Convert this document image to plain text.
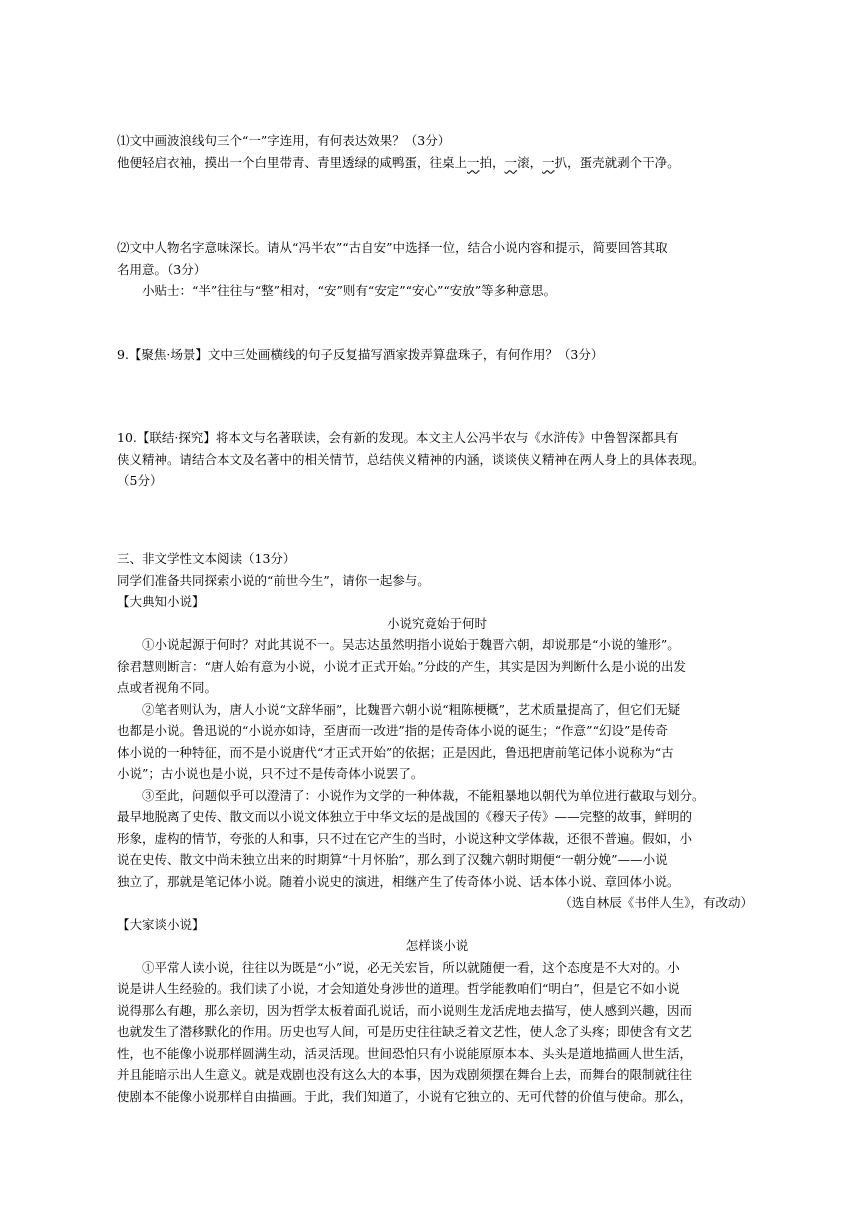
⑴文中画波浪线句三个“一”字连用，有何表达效果？（3分）
他便轻启衣袖，摸出一个白里带青、青里透绿的咸鸭蛋，往桌上一拍，一滚，一扒，蛋壳就剥个干净。
⑵文中人物名字意味深长。请从“冯半农”“古自安”中选择一位，结合小说内容和提示，简要回答其取
名用意。（3分）
小贴士：“半”往往与“整”相对，“安”则有“安定”“安心”“安放”等多种意思。
9.【聚焦·场景】文中三处画横线的句子反复描写酒家拨弄算盘珠子，有何作用？（3分）
10.【联结·探究】将本文与名著联读，会有新的发现。本文主人公冯半农与《水浒传》中鲁智深都具有
侠义精神。请结合本文及名著中的相关情节，总结侠义精神的内涵，谈谈侠义精神在两人身上的具体表现。
（5分）
三、非文学性文本阅读（13分）
同学们准备共同探索小说的“前世今生”，请你一起参与。
【大典知小说】
小说究竟始于何时
①小说起源于何时？对此其说不一。吴志达虽然明指小说始于魏晋六朝，却说那是“小说的雏形”。
徐君慧则断言：“唐人始有意为小说，小说才正式开始。”分歧的产生，其实是因为判断什么是小说的出发
点或者视角不同。
②笔者则认为，唐人小说“文辞华丽”，比魏晋六朝小说“粗陈梗概”，艺术质量提高了，但它们无疑
也都是小说。鲁迅说的“小说亦如诗，至唐而一改进”指的是传奇体小说的诞生；“作意”“幻设”是传奇
体小说的一种特征，而不是小说唐代“才正式开始”的依据；正是因此，鲁迅把唐前笔记体小说称为“古
小说”；古小说也是小说，只不过不是传奇体小说罢了。
③至此，问题似乎可以澄清了：小说作为文学的一种体裁，不能粗暴地以朝代为单位进行截取与划分。
最早地脱离了史传、散文而以小说文体独立于中华文坛的是战国的《穆天子传》——完整的故事，鲜明的
形象，虚构的情节，夸张的人和事，只不过在它产生的当时，小说这种文学体裁，还很不普遍。假如，小
说在史传、散文中尚未独立出来的时期算“十月怀胎”，那么到了汉魏六朝时期便“一朝分娩”——小说
独立了，那就是笔记体小说。随着小说史的演进，相继产生了传奇体小说、话本体小说、章回体小说。
（选自林辰《书伴人生》，有改动）
【大家谈小说】
怎样谈小说
①平常人读小说，往往以为既是“小”说，必无关宏旨，所以就随便一看，这个态度是不大对的。小
说是讲人生经验的。我们读了小说，才会知道处身涉世的道理。哲学能教咱们“明白”，但是它不如小说
说得那么有趣，那么亲切，因为哲学太板着面孔说话，而小说则生龙活虎地去描写，使人感到兴趣，因而
也就发生了潜移默化的作用。历史也写人间，可是历史往往缺乏着文艺性，使人念了头疼；即使含有文艺
性，也不能像小说那样圆满生动，活灵活现。世间恐怕只有小说能原原本本、头头是道地描画人世生活，
并且能暗示出人生意义。就是戏剧也没有这么大的本事，因为戏剧须摆在舞台上去，而舞台的限制就往往
使剧本不能像小说那样自由描画。于此，我们知道了，小说有它独立的、无可代替的价值与使命。那么，
